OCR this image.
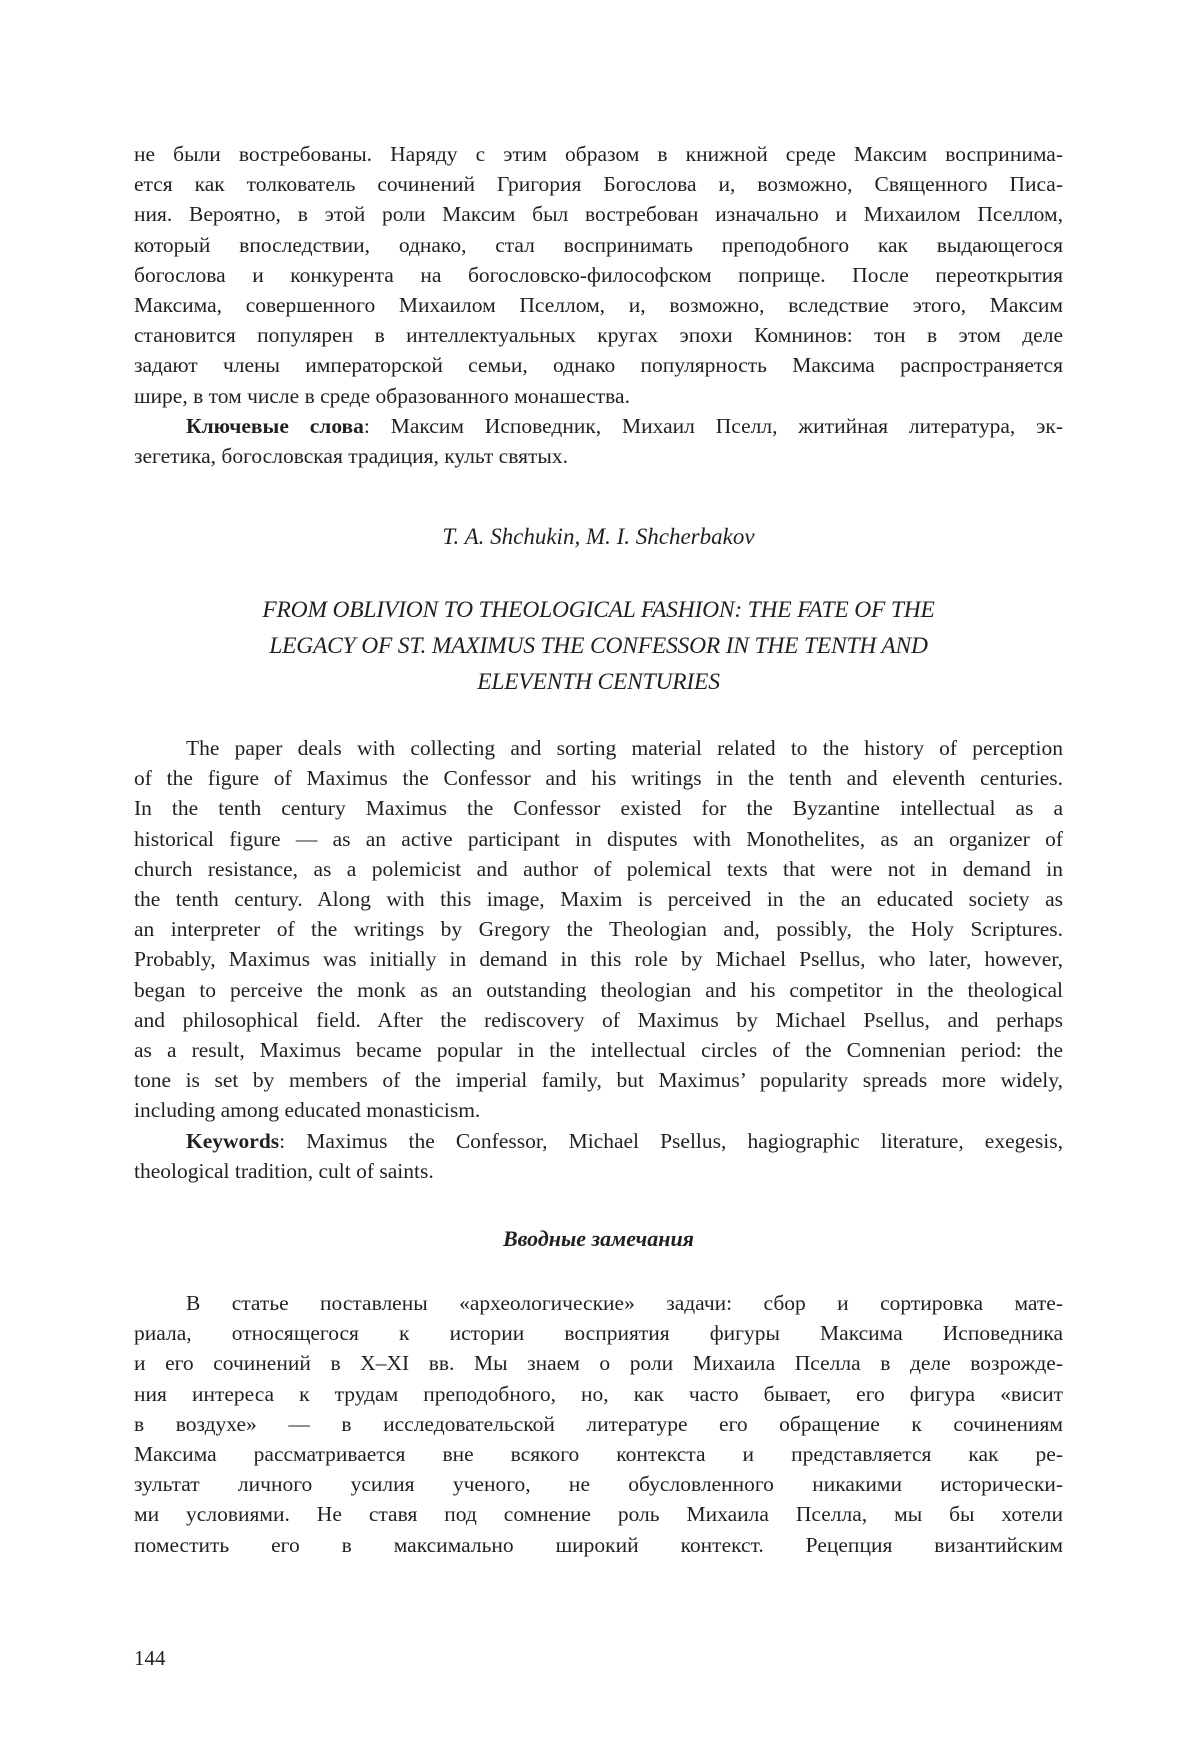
не были востребованы. Наряду с этим образом в книжной среде Максим воспринима-
ется как толкователь сочинений Григория Богослова и, возможно, Священного Писа-
ния. Вероятно, в этой роли Максим был востребован изначально и Михаилом Пселлом,
который впоследствии, однако, стал воспринимать преподобного как выдающегося
богослова и конкурента на богословско-философском поприще. После переоткрытия
Максима, совершенного Михаилом Пселлом, и, возможно, вследствие этого, Максим
становится популярен в интеллектуальных кругах эпохи Комнинов: тон в этом деле
задают члены императорской семьи, однако популярность Максима распространяется
шире, в том числе в среде образованного монашества.

Ключевые слова: Максим Исповедник, Михаил Пселл, житийная литература, эк-
зегетика, богословская традиция, культ святых.

T. A. Shchukin, M. I. Shcherbakov

FROM OBLIVION TO THEOLOGICAL FASHION: THE FATE OF THE
LEGACY OF ST. MAXIMUS THE CONFESSOR IN THE TENTH AND
ELEVENTH CENTURIES

The paper deals with collecting and sorting material related to the history of perception
of the figure of Maximus the Confessor and his writings in the tenth and eleventh centuries.
In the tenth century Maximus the Confessor existed for the Byzantine intellectual as a
historical figure — as an active participant in disputes with Monothelites, as an organizer of
church resistance, as a polemicist and author of polemical texts that were not in demand in
the tenth century. Along with this image, Maxim is perceived in the an educated society as
an interpreter of the writings by Gregory the Theologian and, possibly, the Holy Scriptures.
Probably, Maximus was initially in demand in this role by Michael Psellus, who later, however,
began to perceive the monk as an outstanding theologian and his competitor in the theological
and philosophical field. After the rediscovery of Maximus by Michael Psellus, and perhaps
as a result, Maximus became popular in the intellectual circles of the Comnenian period: the
tone is set by members of the imperial family, but Maximus’ popularity spreads more widely,
including among educated monasticism.

Keywords: Maximus the Confessor, Michael Psellus, hagiographic literature, exegesis,
theological tradition, cult of saints.

Вводные замечания

В статье поставлены «археологические» задачи: сбор и сортировка мате-
риала, относящегося к истории восприятия фигуры Максима Исповедника
и его сочинений в X–XI вв. Мы знаем о роли Михаила Пселла в деле возрожде-
ния интереса к трудам преподобного, но, как часто бывает, его фигура «висит
в воздухе» — в исследовательской литературе его обращение к сочинениям
Максима рассматривается вне всякого контекста и представляется как ре-
зультат личного усилия ученого, не обусловленного никакими исторически-
ми условиями. Не ставя под сомнение роль Михаила Пселла, мы бы хотели
поместить его в максимально широкий контекст. Рецепция византийским

144
